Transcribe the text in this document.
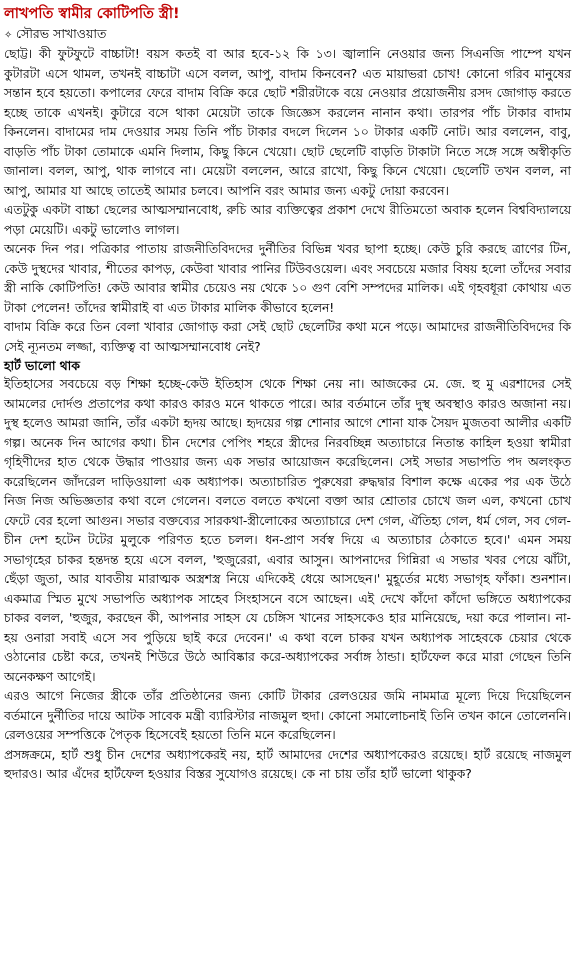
লাখপতি স্বামীর কোটিপতি স্ত্রী!

✧ সৌরভ সাখাওয়াত

ছোট্ট। কী ফুটফুটে বাচ্চাটা! বয়স কতই বা আর হবে-১২ কি ১৩। জ্বালানি নেওয়ার জন্য সিএনজি পাম্পে যখন কুটারটা এসে থামল, তখনই বাচ্চাটা এসে বলল, আপু, বাদাম কিনবেন? এত মায়াভরা চোখ! কোনো গরিব মানুষের সন্তান হবে হয়তো। কপালের ফেরে বাদাম বিক্রি করে ছোট শরীরটাকে বয়ে নেওয়ার প্রয়োজনীয় রসদ জোগাড় করতে হচ্ছে তাকে এখনই। কুটারে বসে থাকা মেয়েটা তাকে জিজ্ঞেস করলেন নানান কথা। তারপর পাঁচ টাকার বাদাম কিনলেন। বাদামের দাম দেওয়ার সময় তিনি পাঁচ টাকার বদলে দিলেন ১০ টাকার একটি নোট। আর বললেন, বাবু, বাড়তি পাঁচ টাকা তোমাকে এমনি দিলাম, কিছু কিনে খেয়ো। ছোট ছেলেটি বাড়তি টাকাটা নিতে সঙ্গে সঙ্গে অস্বীকৃতি জানাল। বলল, আপু, থাক লাগবে না। মেয়েটা বললেন, আরে রাখো, কিছু কিনে খেয়ো। ছেলেটি তখন বলল, না আপু, আমার যা আছে তাতেই আমার চলবে। আপনি বরং আমার জন্য একটু দোয়া করবেন।

এতটুকু একটা বাচ্চা ছেলের আত্মসম্মানবোধ, রুচি আর ব্যক্তিত্বের প্রকাশ দেখে রীতিমতো অবাক হলেন বিশ্ববিদ্যালয়ে পড়া মেয়েটি। একটু ভালোও লাগল।

অনেক দিন পর। পত্রিকার পাতায় রাজনীতিবিদদের দুর্নীতির বিভিন্ন খবর ছাপা হচ্ছে। কেউ চুরি করছে ত্রাণের টিন, কেউ দুস্থদের খাবার, শীতের কাপড়, কেউবা খাবার পানির টিউবওয়েল। এবং সবচেয়ে মজার বিষয় হলো তাঁদের সবার স্ত্রী নাকি কোটিপতি! কেউ আবার স্বামীর চেয়েও নয় থেকে ১০ গুণ বেশি সম্পদের মালিক। এই গৃহবধূরা কোথায় এত টাকা পেলেন! তাঁদের স্বামীরাই বা এত টাকার মালিক কীভাবে হলেন!

বাদাম বিক্রি করে তিন বেলা খাবার জোগাড় করা সেই ছোট ছেলেটির কথা মনে পড়ে। আমাদের রাজনীতিবিদদের কি সেই ন্যূনতম লজ্জা, ব্যক্তিত্ব বা আত্মসম্মানবোধ নেই?

হার্ট ভালো থাক

ইতিহাসের সবচেয়ে বড় শিক্ষা হচ্ছে-কেউ ইতিহাস থেকে শিক্ষা নেয় না। আজকের মে. জে. হু মু এরশাদের সেই আমলের দোর্দণ্ড প্রতাপের কথা কারও কারও মনে থাকতে পারে। আর বর্তমানে তাঁর দুস্থ অবস্থাও কারও অজানা নয়। দুস্থ হলেও আমরা জানি, তাঁর একটা হৃদয় আছে। হৃদয়ের গল্প শোনার আগে শোনা যাক সৈয়দ মুজতবা আলীর একটি গল্প। অনেক দিন আগের কথা। চীন দেশের পেপিং শহরে স্ত্রীদের নিরবচ্ছিন্ন অত্যাচারে নিতান্ত কাহিল হওয়া স্বামীরা গৃহিণীদের হাত থেকে উদ্ধার পাওয়ার জন্য এক সভার আয়োজন করেছিলেন। সেই সভার সভাপতি পদ অলংকৃত করেছিলেন জাঁদরেল দাড়িওয়ালা এক অধ্যাপক। অত্যাচারিত পুরুষেরা রুদ্ধদ্বার বিশাল কক্ষে একের পর এক উঠে নিজ নিজ অভিজ্ঞতার কথা বলে গেলেন। বলতে বলতে কখনো বক্তা আর শ্রোতার চোখে জল এল, কখনো চোখ ফেটে বের হলো আগুন। সভার বক্তব্যের সারকথা-স্ত্রীলোকের অত্যাচারে দেশ গেল, ঐতিহ্য গেল, ধর্ম গেল, সব গেল-চীন দেশ হটেন টটের মুলুকে পরিণত হতে চলল। ধন-প্রাণ সর্বস্ব দিয়ে এ অত্যাচার ঠেকাতে হবে।' এমন সময় সভাগৃহের চাকর হন্তদন্ত হয়ে এসে বলল, 'হুজুরেরা, এবার আসুন। আপনাদের গিন্নিরা এ সভার খবর পেয়ে ঝাঁটা, ছেঁড়া জুতা, আর যাবতীয় মারাত্মক অস্ত্রশস্ত্র নিয়ে এদিকেই ধেয়ে আসছেন।' মুহূর্তের মধ্যে সভাগৃহ ফাঁকা। শুনশান। একমাত্র স্মিত মুখে সভাপতি অধ্যাপক সাহেব সিংহাসনে বসে আছেন। এই দেখে কাঁদো কাঁদো ভঙ্গিতে অধ্যাপকের চাকর বলল, 'হুজুর, করছেন কী, আপনার সাহস যে চেঙ্গিস খানের সাহসকেও হার মানিয়েছে, দয়া করে পালান। না-হয় ওনারা সবাই এসে সব পুড়িয়ে ছাই করে দেবেন।' এ কথা বলে চাকর যখন অধ্যাপক সাহেবকে চেয়ার থেকে ওঠানোর চেষ্টা করে, তখনই শিউরে উঠে আবিষ্কার করে-অধ্যাপকের সর্বাঙ্গ ঠান্ডা। হার্টফেল করে মারা গেছেন তিনি অনেকক্ষণ আগেই।

এরও আগে নিজের স্ত্রীকে তাঁর প্রতিষ্ঠানের জন্য কোটি টাকার রেলওয়ের জমি নামমাত্র মূল্যে দিয়ে দিয়েছিলেন বর্তমানে দুর্নীতির দায়ে আটক সাবেক মন্ত্রী ব্যারিস্টার নাজমুল হুদা। কোনো সমালোচনাই তিনি তখন কানে তোলেননি। রেলওয়ের সম্পত্তিকে পৈতৃক হিসেবেই হয়তো তিনি মনে করেছিলেন।

প্রসঙ্গক্রমে, হার্ট শুধু চীন দেশের অধ্যাপকেরই নয়, হার্ট আমাদের দেশের অধ্যাপকেরও রয়েছে। হার্ট রয়েছে নাজমুল হুদারও। আর এঁদের হার্টফেল হওয়ার বিস্তর সুযোগও রয়েছে। কে না চায় তাঁর হার্ট ভালো থাকুক?
